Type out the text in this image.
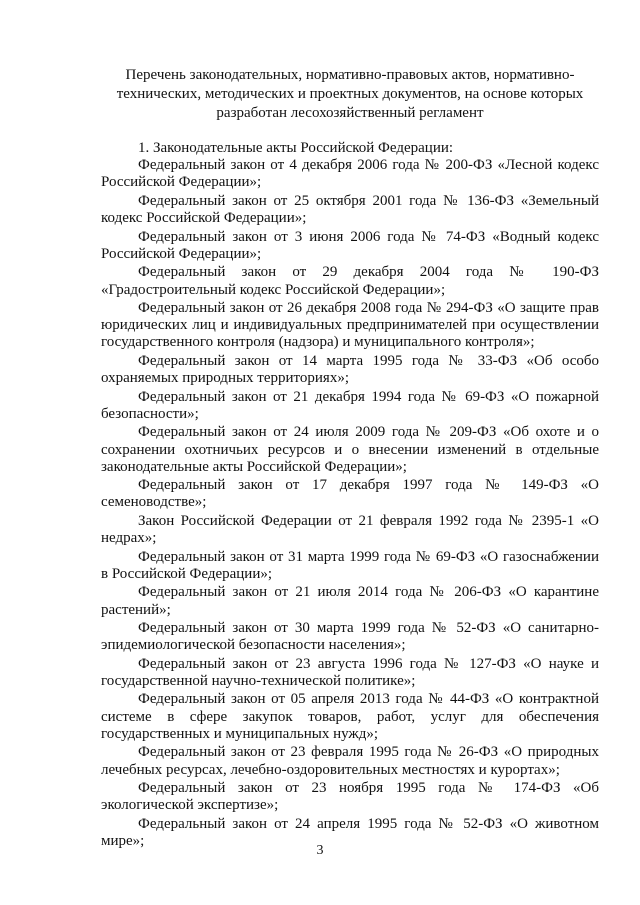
Перечень законодательных, нормативно-правовых актов, нормативно-технических, методических и проектных документов, на основе которых разработан лесохозяйственный регламент

1. Законодательные акты Российской Федерации:

Федеральный закон от 4 декабря 2006 года № 200-ФЗ «Лесной кодекс Российской Федерации»;
Федеральный закон от 25 октября 2001 года № 136-ФЗ «Земельный кодекс Российской Федерации»;
Федеральный закон от 3 июня 2006 года № 74-ФЗ «Водный кодекс Российской Федерации»;
Федеральный закон от 29 декабря 2004 года № 190-ФЗ «Градостроительный кодекс Российской Федерации»;
Федеральный закон от 26 декабря 2008 года № 294-ФЗ «О защите прав юридических лиц и индивидуальных предпринимателей при осуществлении государственного контроля (надзора) и муниципального контроля»;
Федеральный закон от 14 марта 1995 года № 33-ФЗ «Об особо охраняемых природных территориях»;
Федеральный закон от 21 декабря 1994 года № 69-ФЗ «О пожарной безопасности»;
Федеральный закон от 24 июля 2009 года № 209-ФЗ «Об охоте и о сохранении охотничьих ресурсов и о внесении изменений в отдельные законодательные акты Российской Федерации»;
Федеральный закон от 17 декабря 1997 года № 149-ФЗ «О семеноводстве»;
Закон Российской Федерации от 21 февраля 1992 года № 2395-1 «О недрах»;
Федеральный закон от 31 марта 1999 года № 69-ФЗ «О газоснабжении в Российской Федерации»;
Федеральный закон от 21 июля 2014 года № 206-ФЗ «О карантине растений»;
Федеральный закон от 30 марта 1999 года № 52-ФЗ «О санитарно-эпидемиологической безопасности населения»;
Федеральный закон от 23 августа 1996 года № 127-ФЗ «О науке и государственной научно-технической политике»;
Федеральный закон от 05 апреля 2013 года № 44-ФЗ «О контрактной системе в сфере закупок товаров, работ, услуг для обеспечения государственных и муниципальных нужд»;
Федеральный закон от 23 февраля 1995 года № 26-ФЗ «О природных лечебных ресурсах, лечебно-оздоровительных местностях и курортах»;
Федеральный закон от 23 ноября 1995 года № 174-ФЗ «Об экологической экспертизе»;
Федеральный закон от 24 апреля 1995 года № 52-ФЗ «О животном мире»;
3
